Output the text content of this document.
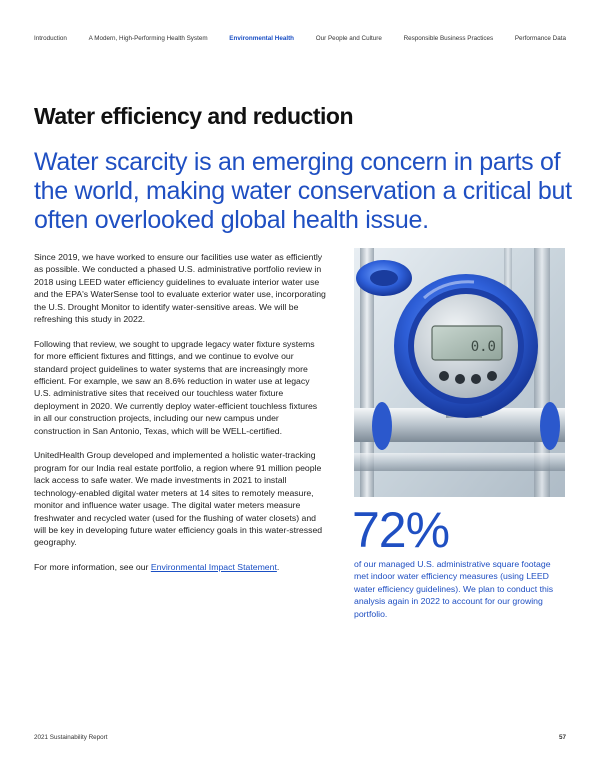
Introduction	A Modern, High-Performing Health System	Environmental Health	Our People and Culture	Responsible Business Practices	Performance Data
Water efficiency and reduction
Water scarcity is an emerging concern in parts of the world, making water conservation a critical but often overlooked global health issue.

Since 2019, we have worked to ensure our facilities use water as efficiently as possible. We conducted a phased U.S. administrative portfolio review in 2018 using LEED water efficiency guidelines to evaluate interior water use and the EPA's WaterSense tool to evaluate exterior water use, incorporating the U.S. Drought Monitor to identify water-sensitive areas. We will be refreshing this study in 2022.

Following that review, we sought to upgrade legacy water fixture systems for more efficient fixtures and fittings, and we continue to evolve our standard project guidelines to water systems that are increasingly more efficient. For example, we saw an 8.6% reduction in water use at legacy U.S. administrative sites that received our touchless water fixture deployment in 2020. We currently deploy water-efficient touchless fixtures in all our construction projects, including our new campus under construction in San Antonio, Texas, which will be WELL-certified.

UnitedHealth Group developed and implemented a holistic water-tracking program for our India real estate portfolio, a region where 91 million people lack access to safe water. We made investments in 2021 to install technology-enabled digital water meters at 14 sites to remotely measure, monitor and influence water usage. The digital water meters measure freshwater and recycled water (used for the flushing of water closets) and will be key in developing future water efficiency goals in this water-stressed geography.

For more information, see our Environmental Impact Statement.

0.0
72%
of our managed U.S. administrative square footage met indoor water efficiency measures (using LEED water efficiency guidelines). We plan to conduct this analysis again in 2022 to account for our growing portfolio.
2021 Sustainability Report	57
